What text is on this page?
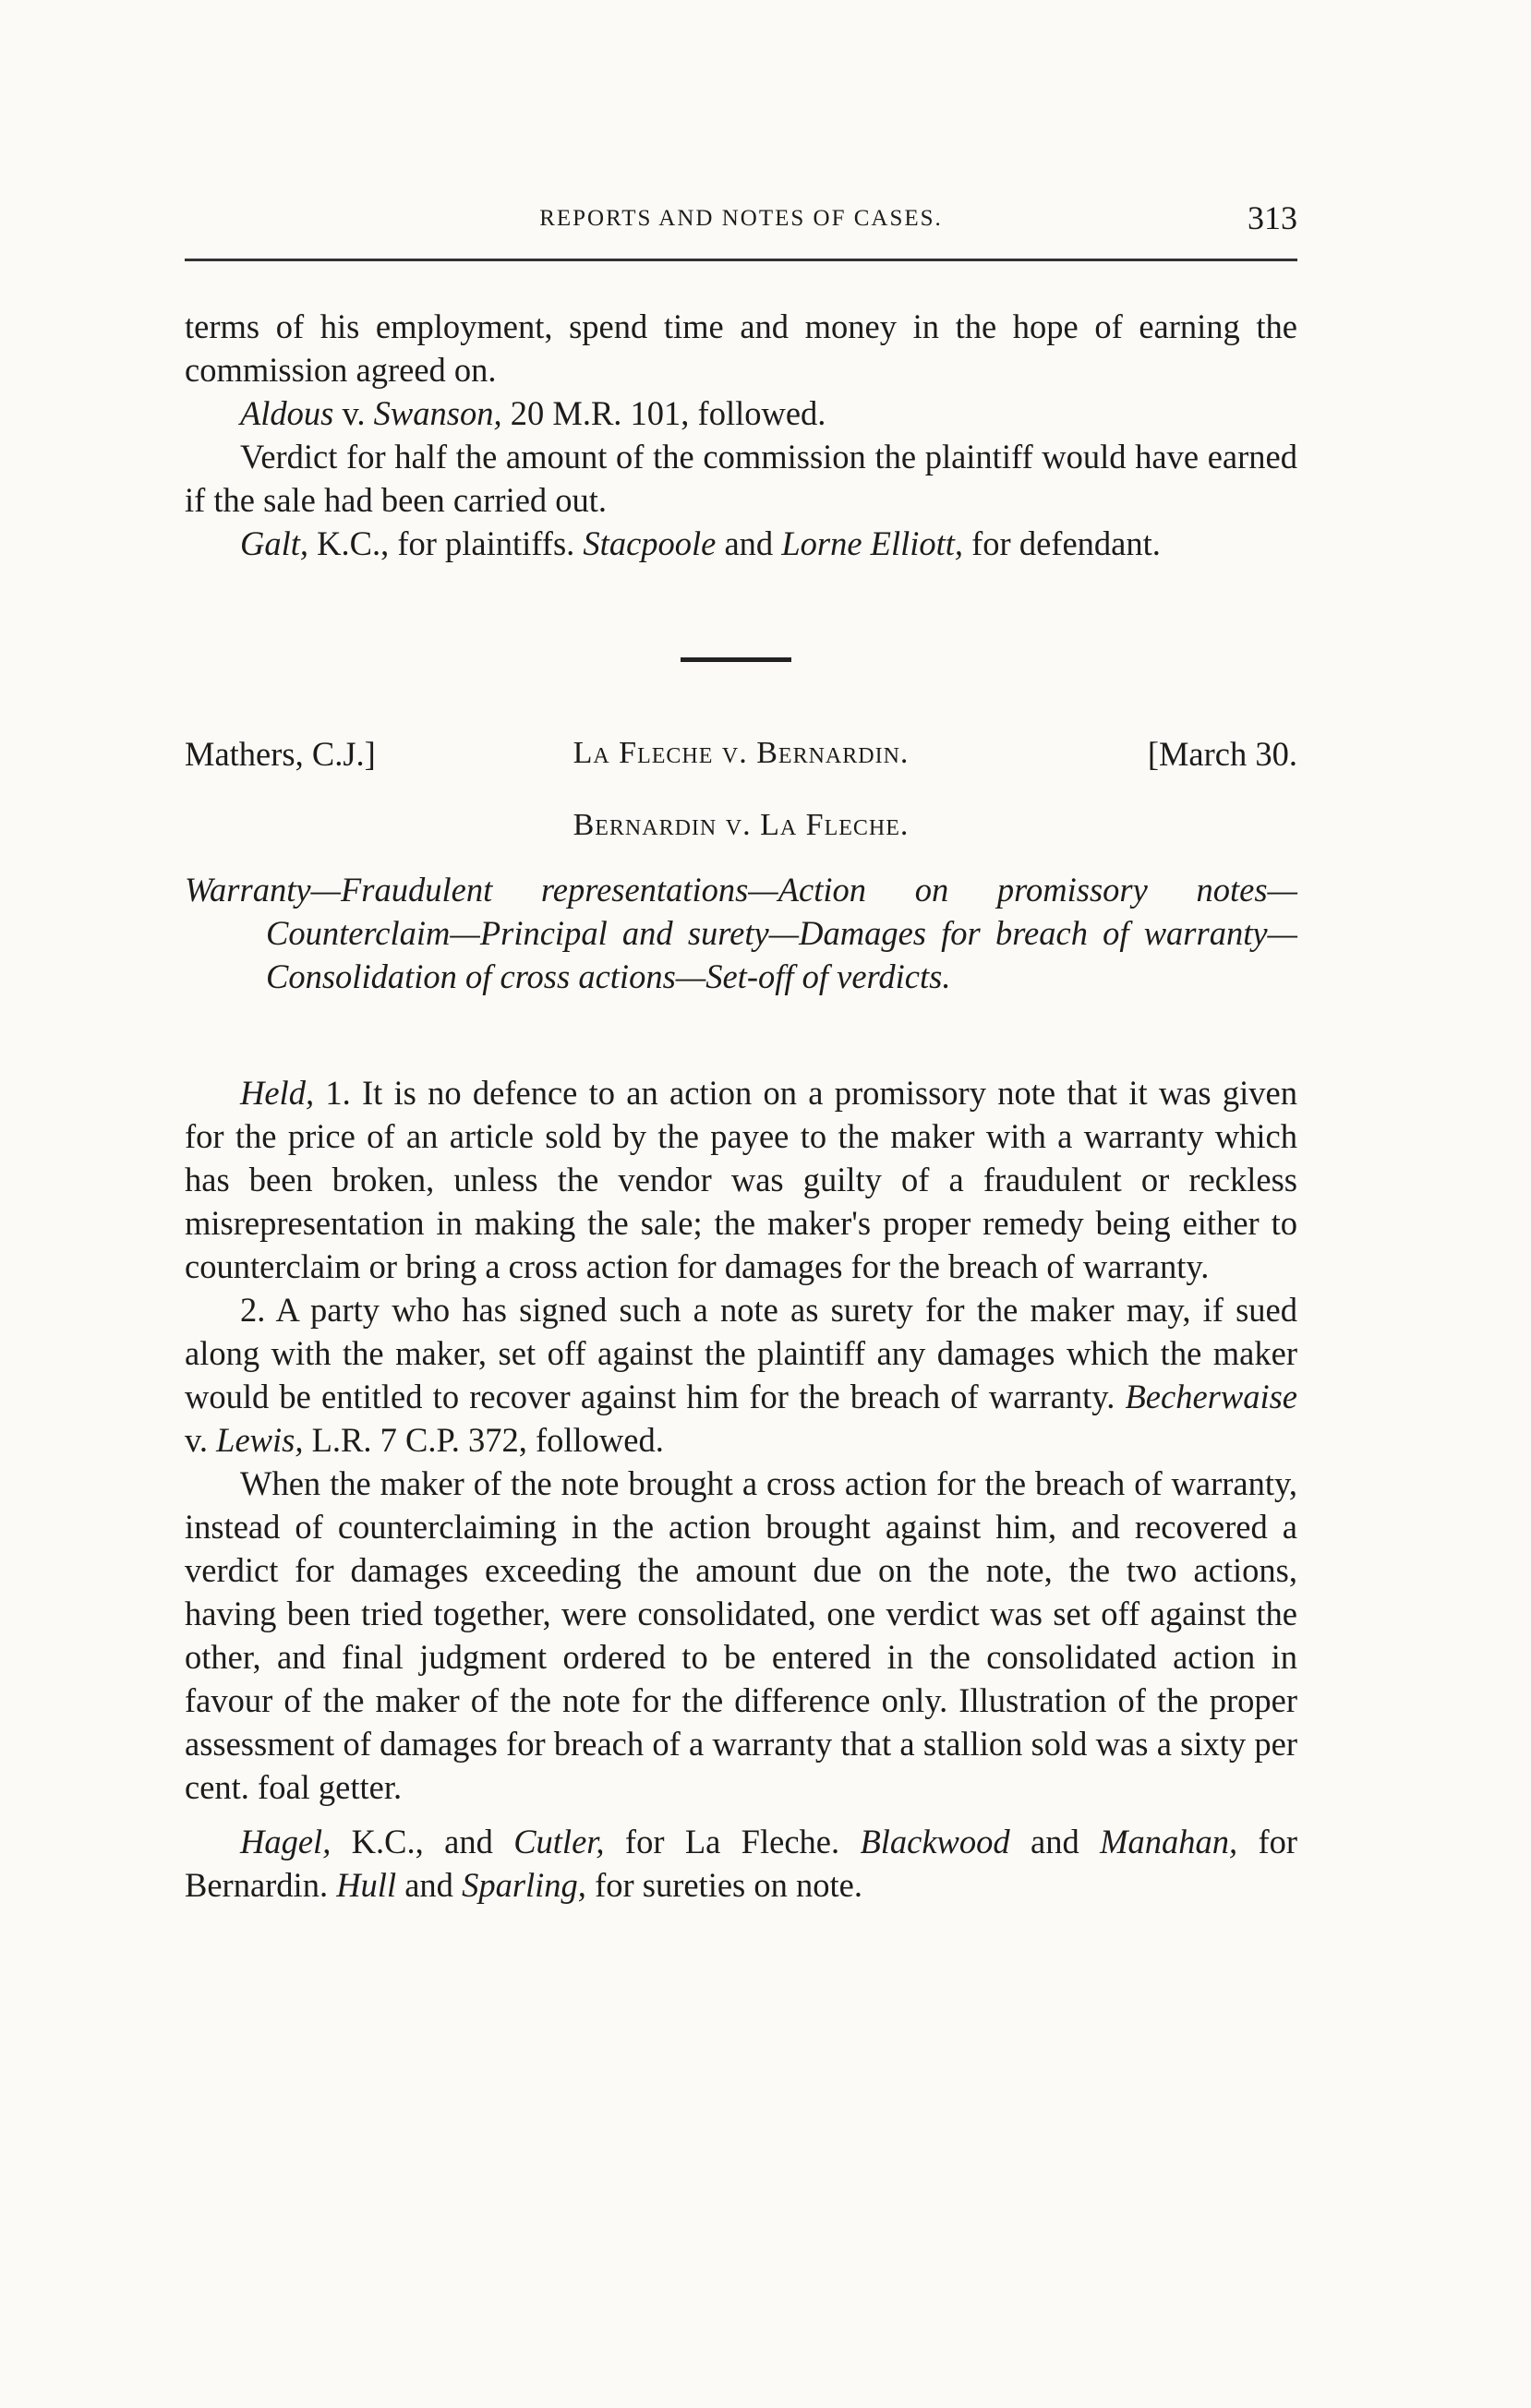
REPORTS AND NOTES OF CASES.	313

terms of his employment, spend time and money in the hope of earning the commission agreed on.

Aldous v. Swanson, 20 M.R. 101, followed.

Verdict for half the amount of the commission the plaintiff would have earned if the sale had been carried out.

Galt, K.C., for plaintiffs. Stacpoole and Lorne Elliott, for defendant.

Mathers, C.J.]	La Fleche v. Bernardin.	[March 30.
Bernardin v. La Fleche.
Warranty—Fraudulent representations—Action on promissory notes—Counterclaim—Principal and surety—Damages for breach of warranty—Consolidation of cross actions—Set-off of verdicts.

Held, 1. It is no defence to an action on a promissory note that it was given for the price of an article sold by the payee to the maker with a warranty which has been broken, unless the vendor was guilty of a fraudulent or reckless misrepresentation in making the sale; the maker's proper remedy being either to counterclaim or bring a cross action for damages for the breach of warranty.

2. A party who has signed such a note as surety for the maker may, if sued along with the maker, set off against the plaintiff any damages which the maker would be entitled to recover against him for the breach of warranty. Becherwaise v. Lewis, L.R. 7 C.P. 372, followed.

When the maker of the note brought a cross action for the breach of warranty, instead of counterclaiming in the action brought against him, and recovered a verdict for damages exceeding the amount due on the note, the two actions, having been tried together, were consolidated, one verdict was set off against the other, and final judgment ordered to be entered in the consolidated action in favour of the maker of the note for the difference only. Illustration of the proper assessment of damages for breach of a warranty that a stallion sold was a sixty per cent. foal getter.

Hagel, K.C., and Cutler, for La Fleche. Blackwood and Manahan, for Bernardin. Hull and Sparling, for sureties on note.
